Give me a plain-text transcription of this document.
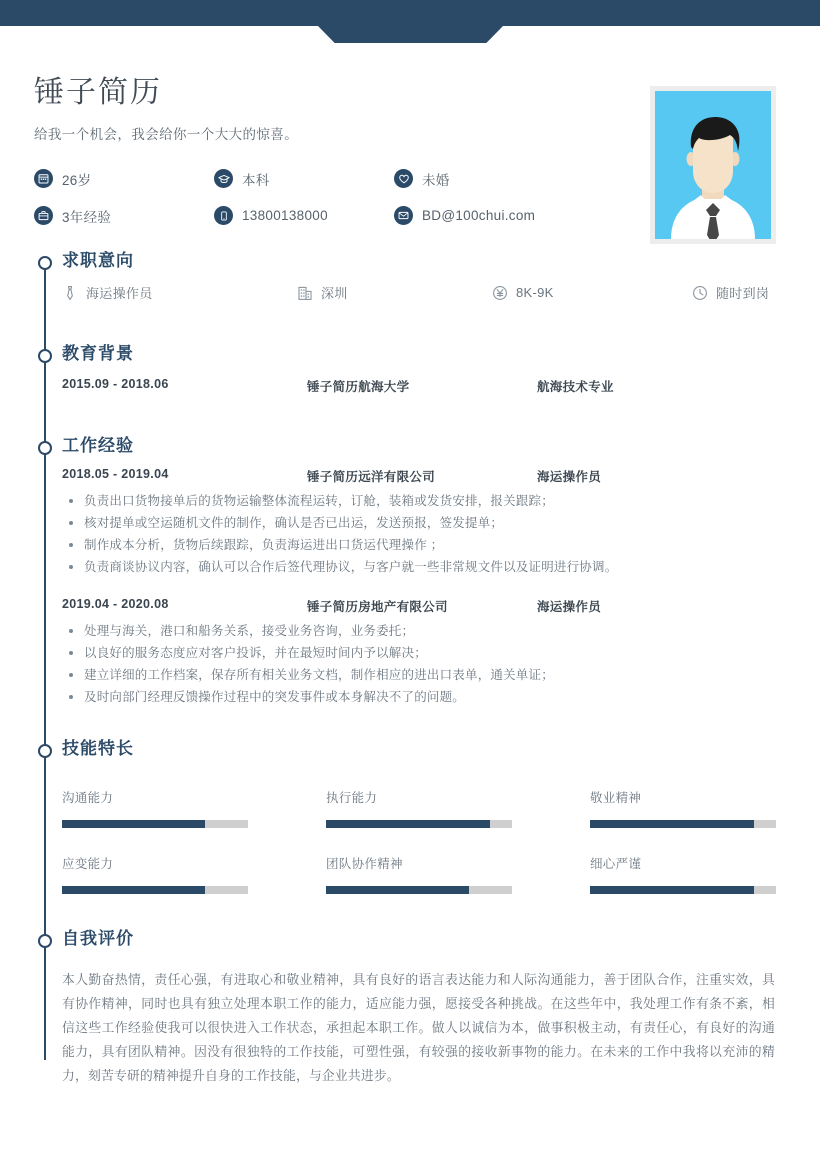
锤子简历
给我一个机会，我会给你一个大大的惊喜。
26岁	本科	未婚
3年经验	13800138000	BD@100chui.com
求职意向
海运操作员	深圳	8K-9K	随时到岗
教育背景
2015.09 - 2018.06	锤子简历航海大学	航海技术专业
工作经验
2018.05 - 2019.04	锤子简历远洋有限公司	海运操作员
负责出口货物接单后的货物运输整体流程运转，订舱，装箱或发货安排，报关跟踪；
核对提单或空运随机文件的制作，确认是否已出运，发送预报，签发提单；
制作成本分析，货物后续跟踪，负责海运进出口货运代理操作 ；
负责商谈协议内容，确认可以合作后签代理协议，与客户就一些非常规文件以及证明进行协调。
2019.04 - 2020.08	锤子简历房地产有限公司	海运操作员
处理与海关，港口和船务关系，接受业务咨询，业务委托；
以良好的服务态度应对客户投诉，并在最短时间内予以解决；
建立详细的工作档案，保存所有相关业务文档，制作相应的进出口表单，通关单证；
及时向部门经理反馈操作过程中的突发事件或本身解决不了的问题。
技能特长
沟通能力	执行能力	敬业精神
应变能力	团队协作精神	细心严谨
自我评价

本人勤奋热情，责任心强，有进取心和敬业精神，具有良好的语言表达能力和人际沟通能力，善于团队合作，注重实效，具有协作精神，同时也具有独立处理本职工作的能力，适应能力强，愿接受各种挑战。在这些年中，我处理工作有条不紊，相信这些工作经验使我可以很快进入工作状态，承担起本职工作。做人以诚信为本，做事积极主动，有责任心，有良好的沟通能力，具有团队精神。因没有很独特的工作技能，可塑性强，有较强的接收新事物的能力。在未来的工作中我将以充沛的精力，刻苦专研的精神提升自身的工作技能，与企业共进步。
